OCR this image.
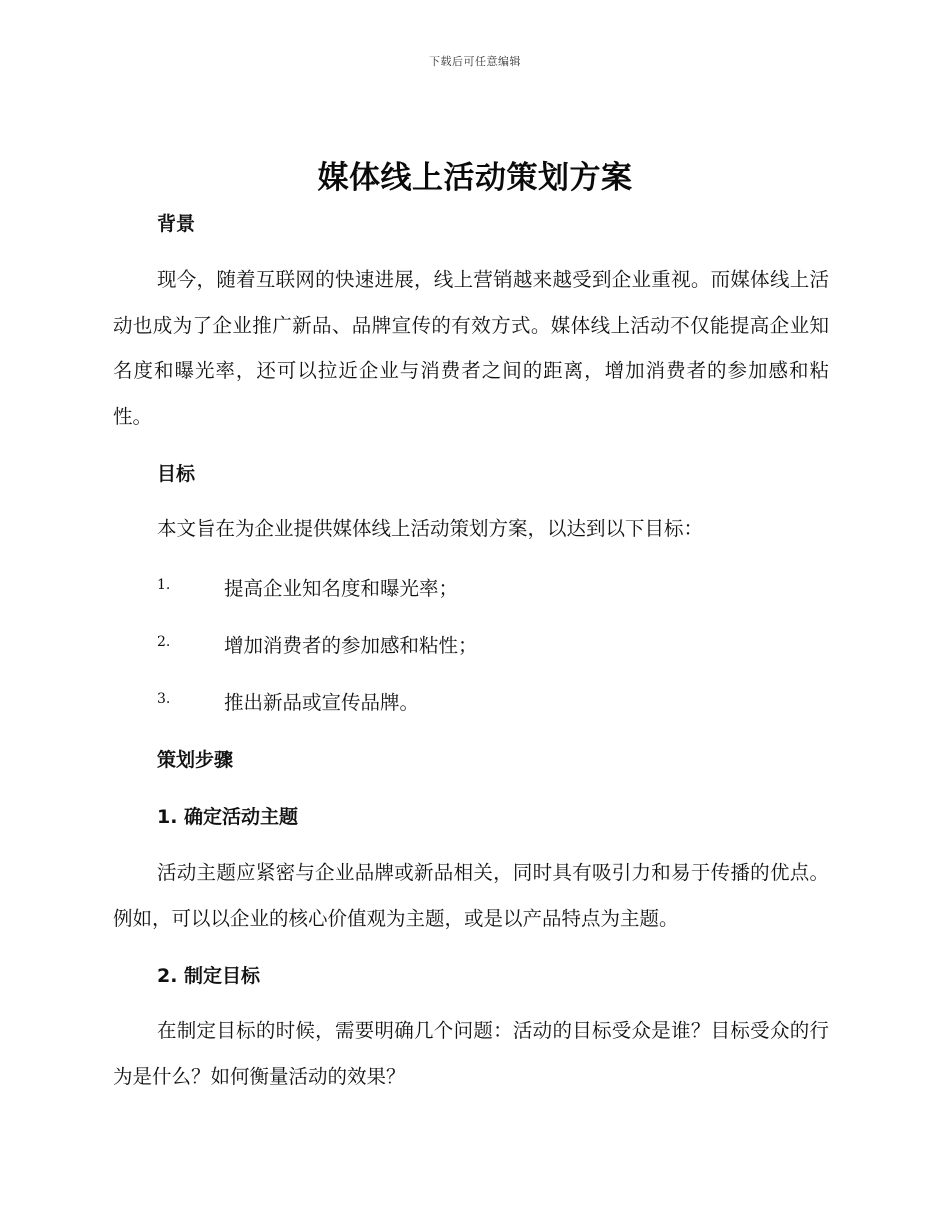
下载后可任意编辑
媒体线上活动策划方案
背景
现今，随着互联网的快速进展，线上营销越来越受到企业重视。而媒体线上活动也成为了企业推广新品、品牌宣传的有效方式。媒体线上活动不仅能提高企业知名度和曝光率，还可以拉近企业与消费者之间的距离，增加消费者的参加感和粘性。
目标
本文旨在为企业提供媒体线上活动策划方案，以达到以下目标：
1.	提高企业知名度和曝光率；
2.	增加消费者的参加感和粘性；
3.	推出新品或宣传品牌。
策划步骤
1. 确定活动主题
活动主题应紧密与企业品牌或新品相关，同时具有吸引力和易于传播的优点。例如，可以以企业的核心价值观为主题，或是以产品特点为主题。
2. 制定目标
在制定目标的时候，需要明确几个问题：活动的目标受众是谁？目标受众的行为是什么？如何衡量活动的效果？
